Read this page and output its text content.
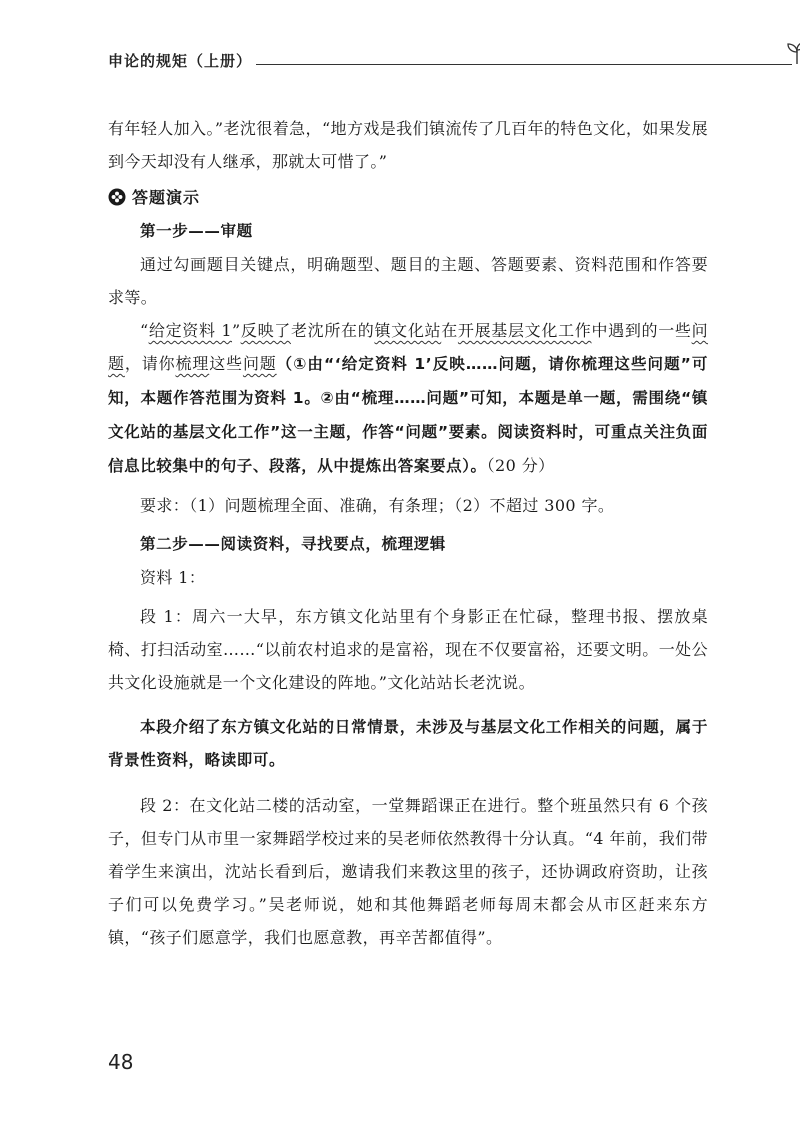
申论的规矩（上册）

有年轻人加入。”老沈很着急，“地方戏是我们镇流传了几百年的特色文化，如果发展到今天却没有人继承，那就太可惜了。”

答题演示
第一步——审题

通过勾画题目关键点，明确题型、题目的主题、答题要素、资料范围和作答要求等。

“给定资料 1”反映了老沈所在的镇文化站在开展基层文化工作中遇到的一些问题，请你梳理这些问题（①由“‘给定资料 1’反映……问题，请你梳理这些问题”可知，本题作答范围为资料 1。②由“梳理……问题”可知，本题是单一题，需围绕“镇文化站的基层文化工作”这一主题，作答“问题”要素。阅读资料时，可重点关注负面信息比较集中的句子、段落，从中提炼出答案要点）。（20 分）

要求：（1）问题梳理全面、准确，有条理；（2）不超过 300 字。

第二步——阅读资料，寻找要点，梳理逻辑

资料 1：

段 1：周六一大早，东方镇文化站里有个身影正在忙碌，整理书报、摆放桌椅、打扫活动室……“以前农村追求的是富裕，现在不仅要富裕，还要文明。一处公共文化设施就是一个文化建设的阵地。”文化站站长老沈说。

本段介绍了东方镇文化站的日常情景，未涉及与基层文化工作相关的问题，属于背景性资料，略读即可。

段 2：在文化站二楼的活动室，一堂舞蹈课正在进行。整个班虽然只有 6 个孩子，但专门从市里一家舞蹈学校过来的吴老师依然教得十分认真。“4 年前，我们带着学生来演出，沈站长看到后，邀请我们来教这里的孩子，还协调政府资助，让孩子们可以免费学习。”吴老师说，她和其他舞蹈老师每周末都会从市区赶来东方镇，“孩子们愿意学，我们也愿意教，再辛苦都值得”。

48
